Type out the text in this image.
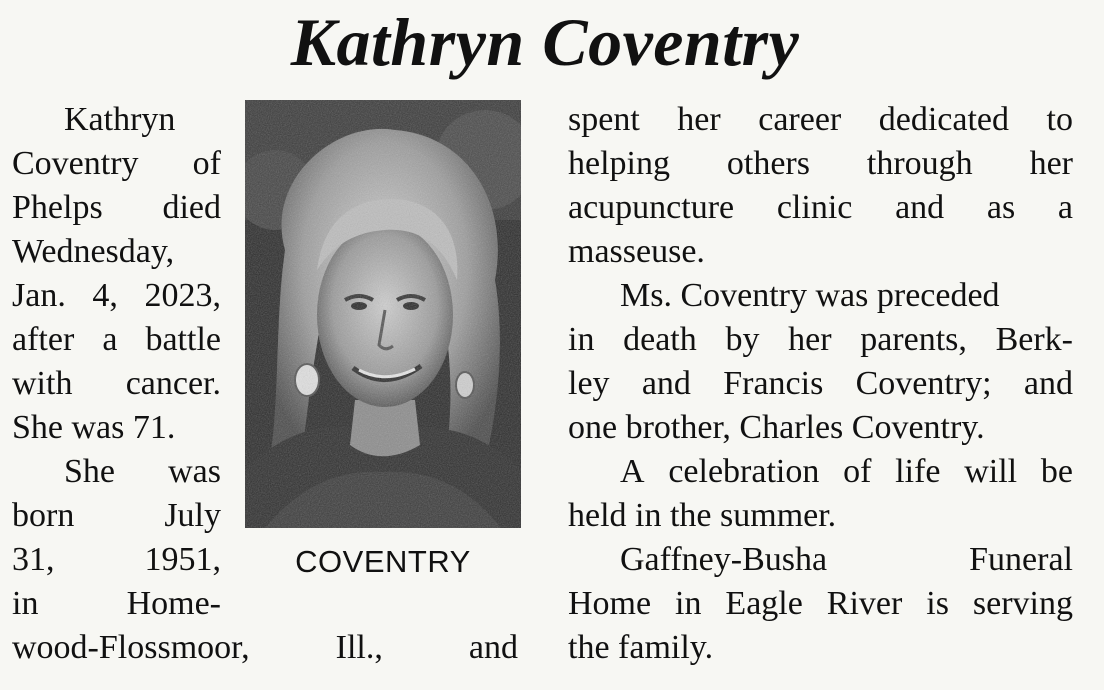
Kathryn Coventry
Kathryn
Coventry of
Phelps died
Wednesday,
Jan. 4, 2023,
after a battle
with cancer.
She was 71.
She was
born	July
31,	1951,
in	Home-
wood-Flossmoor,	Ill.,	and
COVENTRY
spent her career dedicated to
helping others through her
acupuncture clinic and as a
masseuse.
Ms. Coventry was preceded
in death by her parents, Berk-
ley and Francis Coventry; and
one brother, Charles Coventry.
A celebration of life will be
held in the summer.
Gaffney-Busha	Funeral
Home in Eagle River is serving
the family.
